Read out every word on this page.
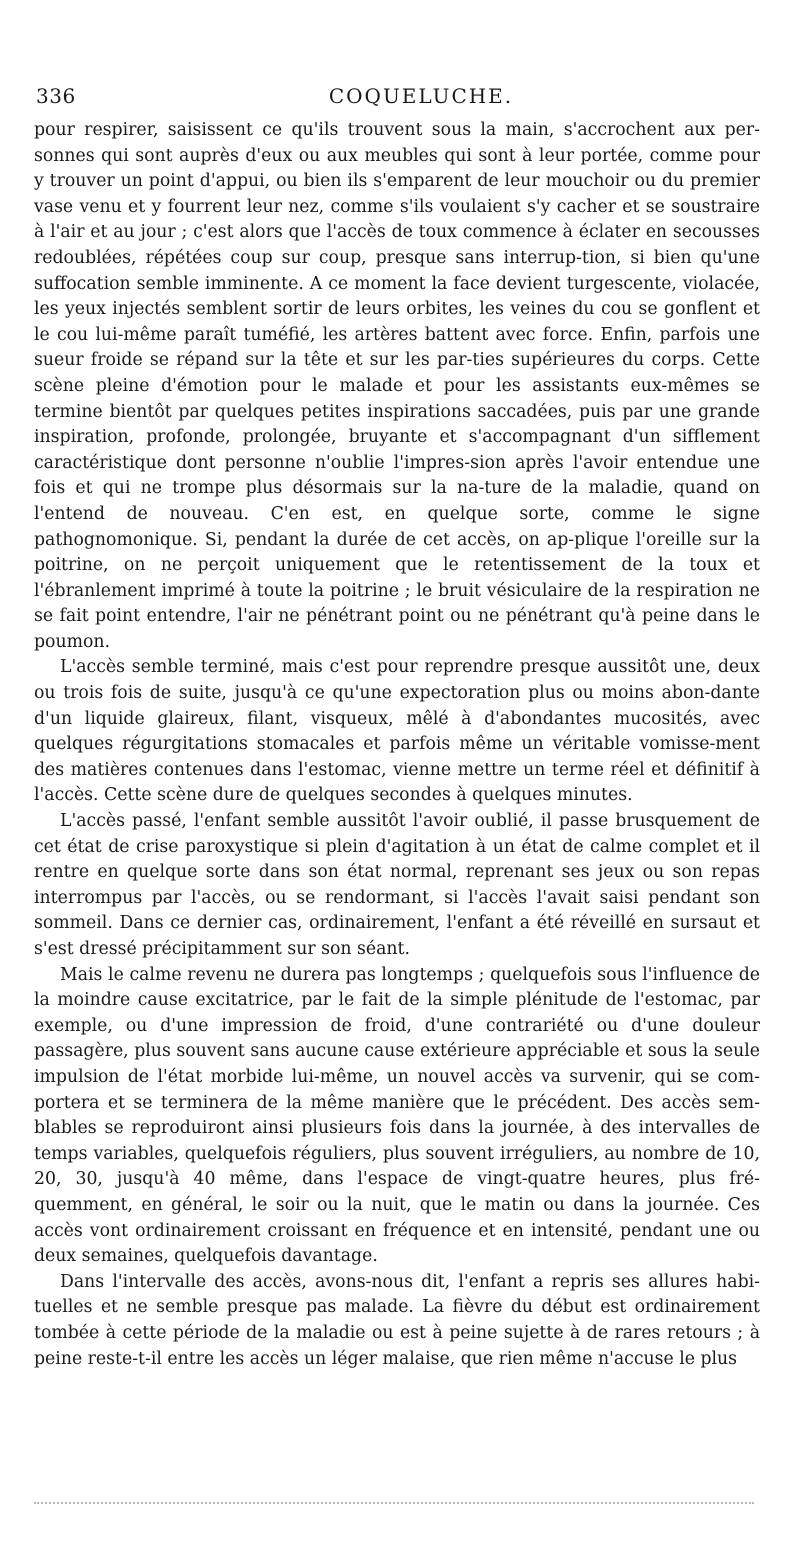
336	COQUELUCHE.

pour respirer, saisissent ce qu'ils trouvent sous la main, s'accrochent aux per-sonnes qui sont auprès d'eux ou aux meubles qui sont à leur portée, comme pour y trouver un point d'appui, ou bien ils s'emparent de leur mouchoir ou du premier vase venu et y fourrent leur nez, comme s'ils voulaient s'y cacher et se soustraire à l'air et au jour ; c'est alors que l'accès de toux commence à éclater en secousses redoublées, répétées coup sur coup, presque sans interrup-tion, si bien qu'une suffocation semble imminente. A ce moment la face devient turgescente, violacée, les yeux injectés semblent sortir de leurs orbites, les veines du cou se gonflent et le cou lui-même paraît tuméfié, les artères battent avec force. Enfin, parfois une sueur froide se répand sur la tête et sur les par-ties supérieures du corps. Cette scène pleine d'émotion pour le malade et pour les assistants eux-mêmes se termine bientôt par quelques petites inspirations saccadées, puis par une grande inspiration, profonde, prolongée, bruyante et s'accompagnant d'un sifflement caractéristique dont personne n'oublie l'impres-sion après l'avoir entendue une fois et qui ne trompe plus désormais sur la na-ture de la maladie, quand on l'entend de nouveau. C'en est, en quelque sorte, comme le signe pathognomonique. Si, pendant la durée de cet accès, on ap-plique l'oreille sur la poitrine, on ne perçoit uniquement que le retentissement de la toux et l'ébranlement imprimé à toute la poitrine ; le bruit vésiculaire de la respiration ne se fait point entendre, l'air ne pénétrant point ou ne pénétrant qu'à peine dans le poumon.

L'accès semble terminé, mais c'est pour reprendre presque aussitôt une, deux ou trois fois de suite, jusqu'à ce qu'une expectoration plus ou moins abon-dante d'un liquide glaireux, filant, visqueux, mêlé à d'abondantes mucosités, avec quelques régurgitations stomacales et parfois même un véritable vomisse-ment des matières contenues dans l'estomac, vienne mettre un terme réel et définitif à l'accès. Cette scène dure de quelques secondes à quelques minutes.

L'accès passé, l'enfant semble aussitôt l'avoir oublié, il passe brusquement de cet état de crise paroxystique si plein d'agitation à un état de calme complet et il rentre en quelque sorte dans son état normal, reprenant ses jeux ou son repas interrompus par l'accès, ou se rendormant, si l'accès l'avait saisi pendant son sommeil. Dans ce dernier cas, ordinairement, l'enfant a été réveillé en sursaut et s'est dressé précipitamment sur son séant.

Mais le calme revenu ne durera pas longtemps ; quelquefois sous l'influence de la moindre cause excitatrice, par le fait de la simple plénitude de l'estomac, par exemple, ou d'une impression de froid, d'une contrariété ou d'une douleur passagère, plus souvent sans aucune cause extérieure appréciable et sous la seule impulsion de l'état morbide lui-même, un nouvel accès va survenir, qui se com-portera et se terminera de la même manière que le précédent. Des accès sem-blables se reproduiront ainsi plusieurs fois dans la journée, à des intervalles de temps variables, quelquefois réguliers, plus souvent irréguliers, au nombre de 10, 20, 30, jusqu'à 40 même, dans l'espace de vingt-quatre heures, plus fré-quemment, en général, le soir ou la nuit, que le matin ou dans la journée. Ces accès vont ordinairement croissant en fréquence et en intensité, pendant une ou deux semaines, quelquefois davantage.

Dans l'intervalle des accès, avons-nous dit, l'enfant a repris ses allures habi-tuelles et ne semble presque pas malade. La fièvre du début est ordinairement tombée à cette période de la maladie ou est à peine sujette à de rares retours ; à peine reste-t-il entre les accès un léger malaise, que rien même n'accuse le plus
